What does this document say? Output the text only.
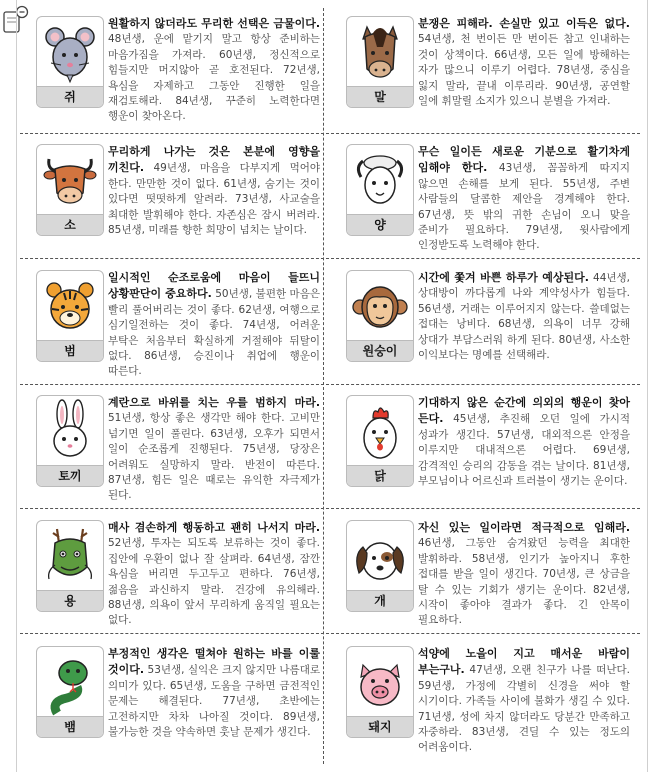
쥐
원활하지 않더라도 무리한 선택은 금물이다. 48년생, 운에 맡기지 말고 항상 준비하는 마음가짐을 가져라. 60년생, 정신적으로 힘들지만 머지않아 곧 호전된다. 72년생, 욕심을 자제하고 그동안 진행한 일을 재검토해라. 84년생, 꾸준히 노력한다면 행운이 찾아온다.
말
분쟁은 피해라. 손실만 있고 이득은 없다. 54년생, 천 번이든 만 번이든 참고 인내하는 것이 상책이다. 66년생, 모든 일에 방해하는 자가 많으니 이루기 어렵다. 78년생, 중심을 잃지 말라, 끝내 이루리라. 90년생, 공연할 일에 휘말릴 소지가 있으니 분별을 가져라.
소
무리하게 나가는 것은 본분에 영향을 끼친다. 49년생, 마음을 다부지게 먹어야 한다. 만만한 것이 없다. 61년생, 숨기는 것이 있다면 떳떳하게 알려라. 73년생, 사교술을 최대한 발휘해야 한다. 자존심은 잠시 버려라. 85년생, 미래를 향한 희망이 넘치는 날이다.	양
무슨 일이든 새로운 기분으로 활기차게 임해야 한다. 43년생, 꼼꼼하게 따지지 않으면 손해를 보게 된다. 55년생, 주변 사람들의 달콤한 제안을 경계해야 한다. 67년생, 뜻 밖의 귀한 손님이 오니 맞을 준비가 필요하다. 79년생, 윗사람에게 인정받도록 노력해야 한다.
범
일시적인 순조로움에 마음이 들뜨니 상황판단이 중요하다. 50년생, 불편한 마음은 빨리 풀어버리는 것이 좋다. 62년생, 여행으로 심기일전하는 것이 좋다. 74년생, 어려운 부탁은 처음부터 확실하게 거절해야 뒤탈이 없다. 86년생, 승진이나 취업에 행운이 따른다.
원숭이
시간에 쫓겨 바쁜 하루가 예상된다. 44년생, 상대방이 까다롭게 나와 계약성사가 힘들다. 56년생, 거래는 이루어지지 않는다. 쓸데없는 접대는 낭비다. 68년생, 의욕이 너무 강해 상대가 부담스러워 하게 된다. 80년생, 사소한 이익보다는 명예를 선택해라.
토끼
계란으로 바위를 치는 우를 범하지 마라. 51년생, 항상 좋은 생각만 해야 한다. 고비만 넘기면 일이 풀린다. 63년생, 오후가 되면서 일이 순조롭게 진행된다. 75년생, 당장은 어려워도 실망하지 말라. 반전이 따른다. 87년생, 힘든 일은 때로는 유익한 자극제가 된다.
닭
기대하지 않은 순간에 의외의 행운이 찾아 든다. 45년생, 추진해 오던 일에 가시적 성과가 생긴다. 57년생, 대외적으론 안정을 이루지만 대내적으론 어렵다. 69년생, 감격적인 승리의 감동을 겪는 날이다. 81년생, 부모님이나 어르신과 트러블이 생기는 운이다.
용
매사 겸손하게 행동하고 괜히 나서지 마라. 52년생, 투자는 되도록 보류하는 것이 좋다. 집안에 우환이 없나 잘 살펴라. 64년생, 잠깐 욕심을 버리면 두고두고 편하다. 76년생, 젊음을 과신하지 말라. 건강에 유의해라. 88년생, 의욕이 앞서 무리하게 움직일 필요는 없다.
개
자신 있는 일이라면 적극적으로 임해라. 46년생, 그동안 숨겨왔던 능력을 최대한 발휘하라. 58년생, 인기가 높아지니 후한 접대를 받을 일이 생긴다. 70년생, 큰 상금을 탈 수 있는 기회가 생기는 운이다. 82년생, 시작이 좋아야 결과가 좋다. 긴 안목이 필요하다.
뱀
부정적인 생각은 떨쳐야 원하는 바를 이룰 것이다. 53년생, 실익은 크지 않지만 나름대로 의미가 있다. 65년생, 도움을 구하면 금전적인 문제는 해결된다. 77년생, 초반에는 고전하지만 차차 나아질 것이다. 89년생, 불가능한 것을 약속하면 훗날 문제가 생긴다.	돼지
석양에 노을이 지고 매서운 바람이 부는구나. 47년생, 오랜 친구가 나를 떠난다. 59년생, 가정에 각별히 신경을 써야 할 시기이다. 가족들 사이에 불화가 생길 수 있다. 71년생, 성에 차지 않더라도 당분간 만족하고 자중하라. 83년생, 견딜 수 있는 정도의 어려움이다.
